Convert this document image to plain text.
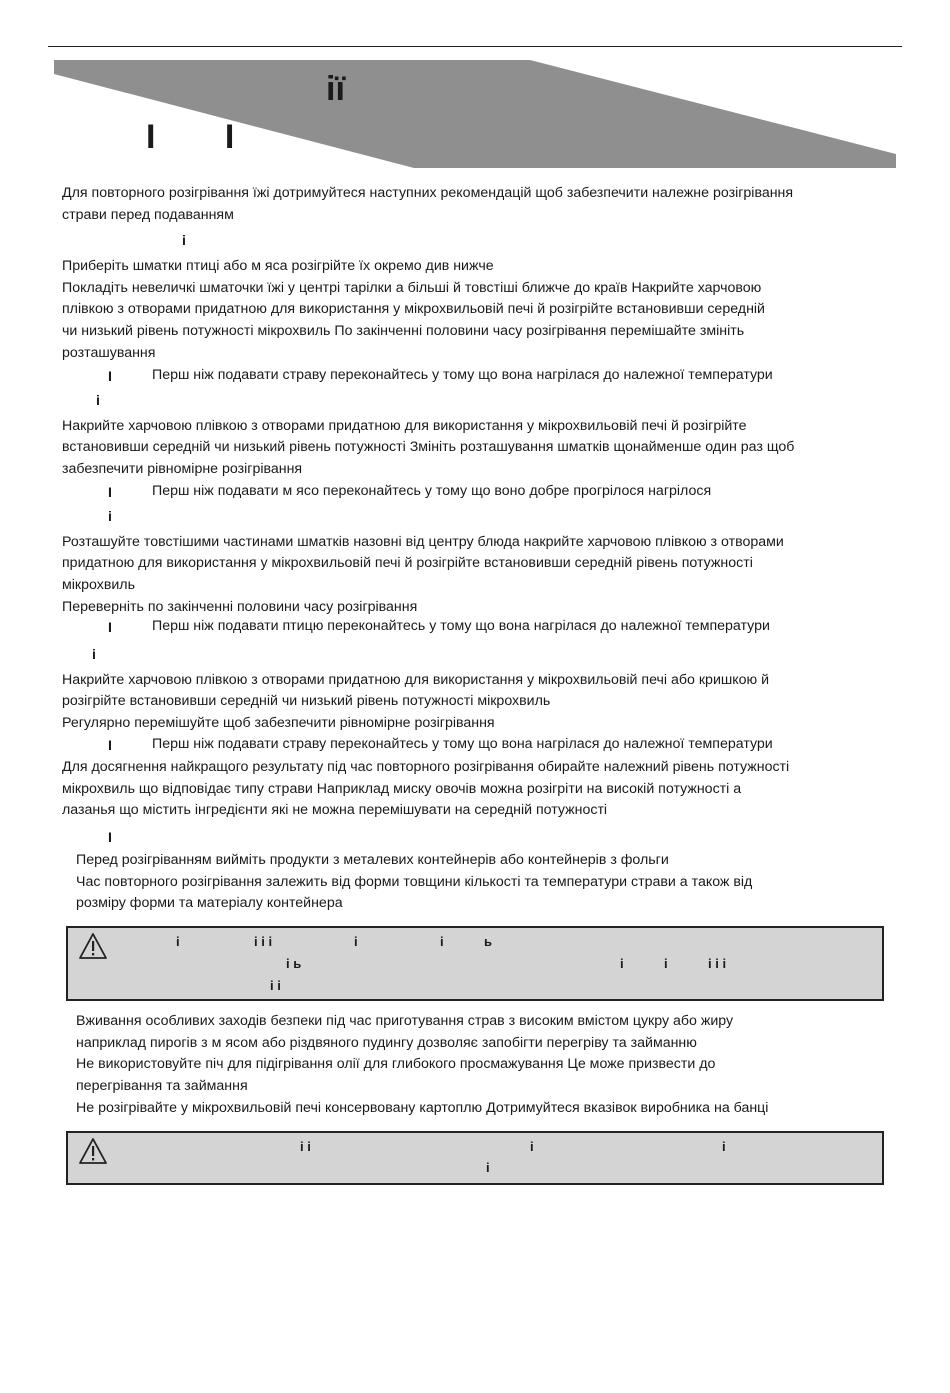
ії
І І

Для повторного розігрівання їжі дотримуйтеся наступних рекомендацій щоб забезпечити належне розігрівання

страви перед подаванням

і

Приберіть шматки птиці або м яса розігрійте їх окремо див нижче

Покладіть невеличкі шматочки їжі у центрі тарілки а більші й товстіші ближче до країв Накрийте харчовою

плівкою з отворами придатною для використання у мікрохвильовій печі й розігрійте встановивши середній

чи низький рівень потужності мікрохвиль По закінченні половини часу розігрівання перемішайте змініть

розташування

І	Перш ніж подавати страву переконайтесь у тому що вона нагрілася до належної температури
і

Накрийте харчовою плівкою з отворами придатною для використання у мікрохвильовій печі й розігрійте

встановивши середній чи низький рівень потужності Змініть розташування шматків щонайменше один раз щоб

забезпечити рівномірне розігрівання

І	Перш ніж подавати м ясо переконайтесь у тому що воно добре прогрілося нагрілося
і

Розташуйте товстішими частинами шматків назовні від центру блюда накрийте харчовою плівкою з отворами

придатною для використання у мікрохвильовій печі й розігрійте встановивши середній рівень потужності

мікрохвиль

Переверніть по закінченні половини часу розігрівання

І	Перш ніж подавати птицю переконайтесь у тому що вона нагрілася до належної температури
і

Накрийте харчовою плівкою з отворами придатною для використання у мікрохвильовій печі або кришкою й

розігрійте встановивши середній чи низький рівень потужності мікрохвиль

Регулярно перемішуйте щоб забезпечити рівномірне розігрівання

І	Перш ніж подавати страву переконайтесь у тому що вона нагрілася до належної температури

Для досягнення найкращого результату під час повторного розігрівання обирайте належний рівень потужності

мікрохвиль що відповідає типу страви Наприклад миску овочів можна розігріти на високій потужності а

лазанья що містить інгредієнти які не можна перемішувати на середній потужності

І

Перед розігріванням вийміть продукти з металевих контейнерів або контейнерів з фольги

Час повторного розігрівання залежить від форми товщини кількості та температури страви а також від

розміру форми та матеріалу контейнера

і	і і і	і	і	ь
і ь	і	і	і і і
і і

Вживання особливих заходів безпеки під час приготування страв з високим вмістом цукру або жиру

наприклад пирогів з м ясом або різдвяного пудингу дозволяє запобігти перегріву та займанню

Не використовуйте піч для підігрівання олії для глибокого просмажування Це може призвести до

перегрівання та займання

Не розігрівайте у мікрохвильовій печі консервовану картоплю Дотримуйтеся вказівок виробника на банці

і і	і	і
і
